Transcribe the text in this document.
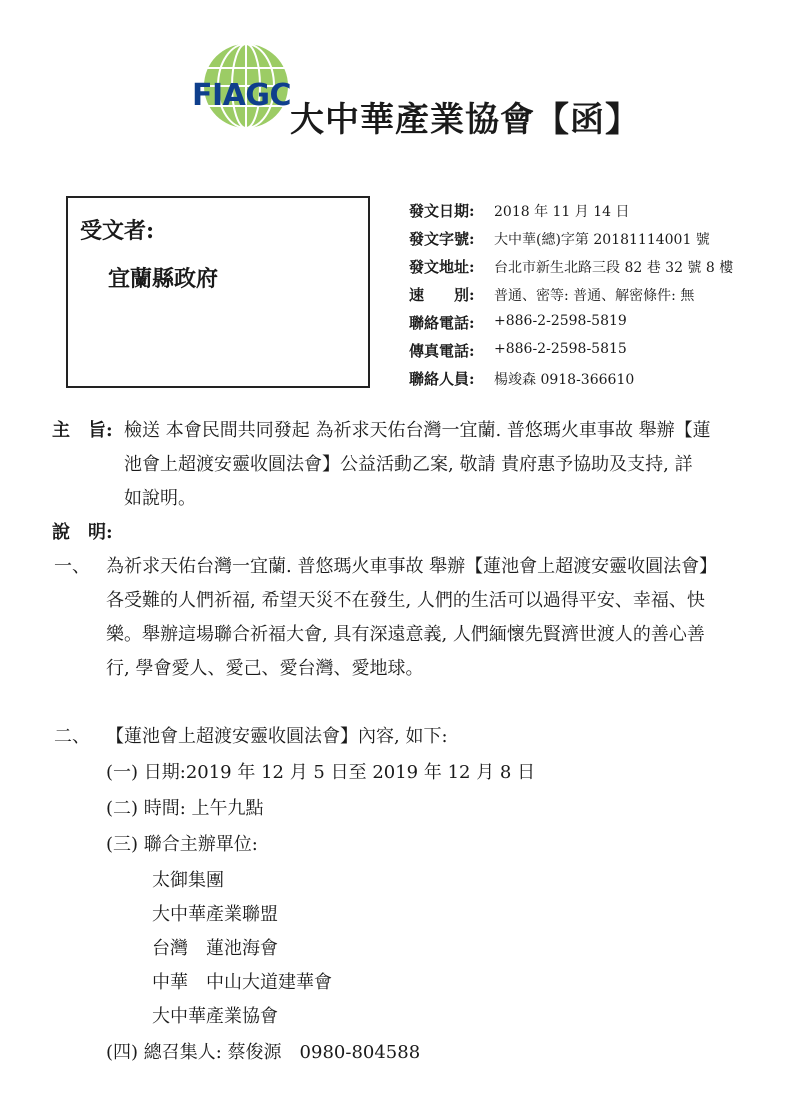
FIAGC
大中華產業協會【函】
受文者:
宜蘭縣政府
發文日期: 2018 年 11 月 14 日
發文字號: 大中華(總)字第 20181114001 號
發文地址: 台北市新生北路三段 82 巷 32 號 8 樓
速　　別: 普通、密等: 普通、解密條件: 無
聯絡電話: +886-2-2598-5819
傳真電話: +886-2-2598-5815
聯絡人員: 楊竣森 0918-366610
主　旨: 檢送 本會民間共同發起 為祈求天佑台灣一宜蘭. 普悠瑪火車事故 舉辦【蓮
池會上超渡安靈收圓法會】公益活動乙案, 敬請 貴府惠予協助及支持, 詳
如說明。
說　明:
一、 為祈求天佑台灣一宜蘭. 普悠瑪火車事故 舉辦【蓮池會上超渡安靈收圓法會】
各受難的人們祈福, 希望天災不在發生, 人們的生活可以過得平安、幸福、快
樂。舉辦這場聯合祈福大會, 具有深遠意義, 人們緬懷先賢濟世渡人的善心善
行, 學會愛人、愛己、愛台灣、愛地球。
二、 【蓮池會上超渡安靈收圓法會】內容, 如下:
(一) 日期:2019 年 12 月 5 日至 2019 年 12 月 8 日
(二) 時間: 上午九點
(三) 聯合主辦單位:
太御集團
大中華產業聯盟
台灣　蓮池海會
中華　中山大道建華會
大中華產業協會
(四) 總召集人: 蔡俊源　0980-804588
